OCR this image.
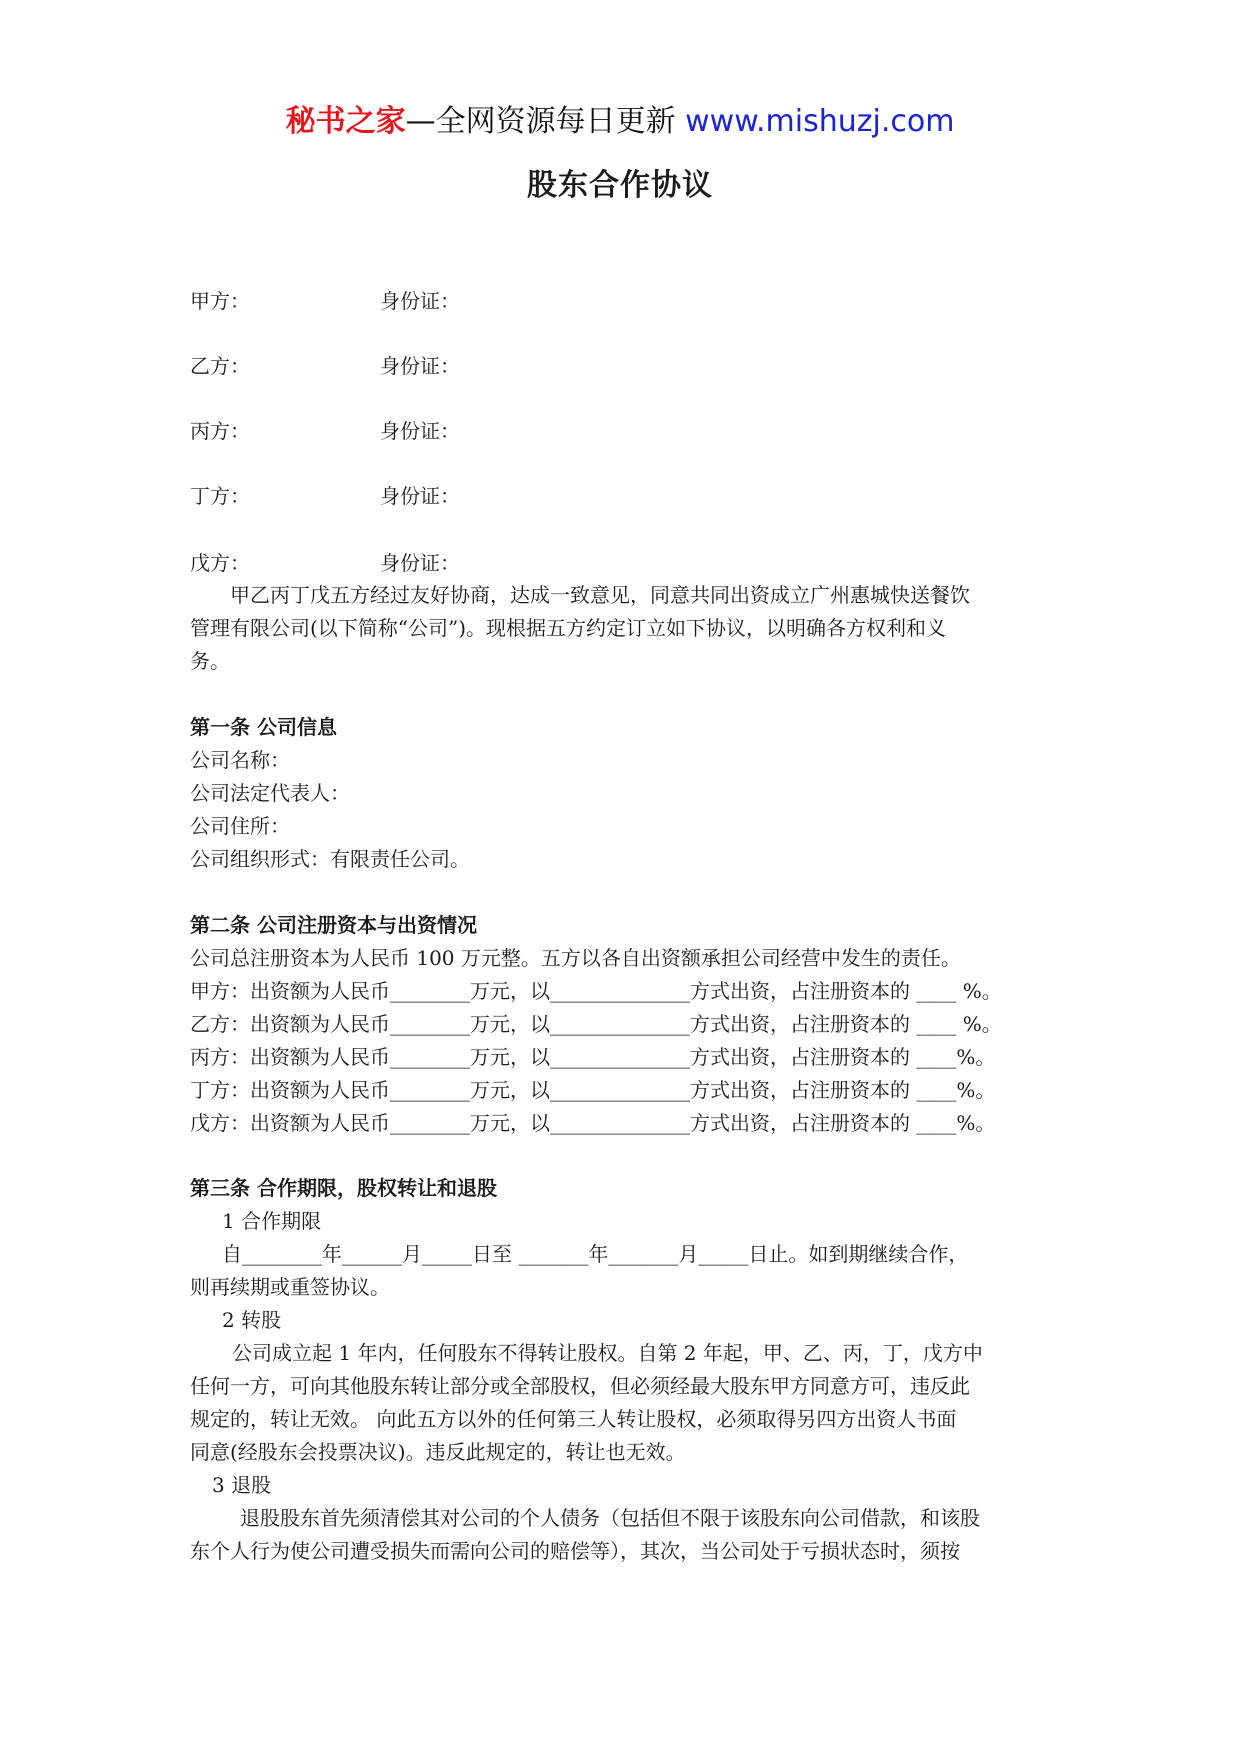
秘书之家—全网资源每日更新 www.mishuzj.com
股东合作协议
甲方：	身份证：
乙方：	身份证：
丙方：	身份证：
丁方：	身份证：
戊方：	身份证：
甲乙丙丁戊五方经过友好协商，达成一致意见，同意共同出资成立广州惠城快送餐饮
管理有限公司(以下简称“公司”)。现根据五方约定订立如下协议，以明确各方权利和义
务。
第一条 公司信息
公司名称：
公司法定代表人：
公司住所：
公司组织形式：有限责任公司。
第二条 公司注册资本与出资情况
公司总注册资本为人民币 100 万元整。五方以各自出资额承担公司经营中发生的责任。
甲方：出资额为人民币________万元，以______________方式出资，占注册资本的 ____ %。
乙方：出资额为人民币________万元，以______________方式出资，占注册资本的 ____ %。
丙方：出资额为人民币________万元，以______________方式出资，占注册资本的 ____%。
丁方：出资额为人民币________万元，以______________方式出资，占注册资本的 ____%。
戊方：出资额为人民币________万元，以______________方式出资，占注册资本的 ____%。
第三条 合作期限，股权转让和退股
1 合作期限
自________年______月_____日至 _______年_______月_____日止。如到期继续合作，
则再续期或重签协议。
2 转股
公司成立起 1 年内，任何股东不得转让股权。自第 2 年起，甲、乙、丙，丁，戊方中
任何一方，可向其他股东转让部分或全部股权，但必须经最大股东甲方同意方可，违反此
规定的，转让无效。 向此五方以外的任何第三人转让股权，必须取得另四方出资人书面
同意(经股东会投票决议)。违反此规定的，转让也无效。
3 退股
退股股东首先须清偿其对公司的个人债务（包括但不限于该股东向公司借款，和该股
东个人行为使公司遭受损失而需向公司的赔偿等），其次，当公司处于亏损状态时，须按
